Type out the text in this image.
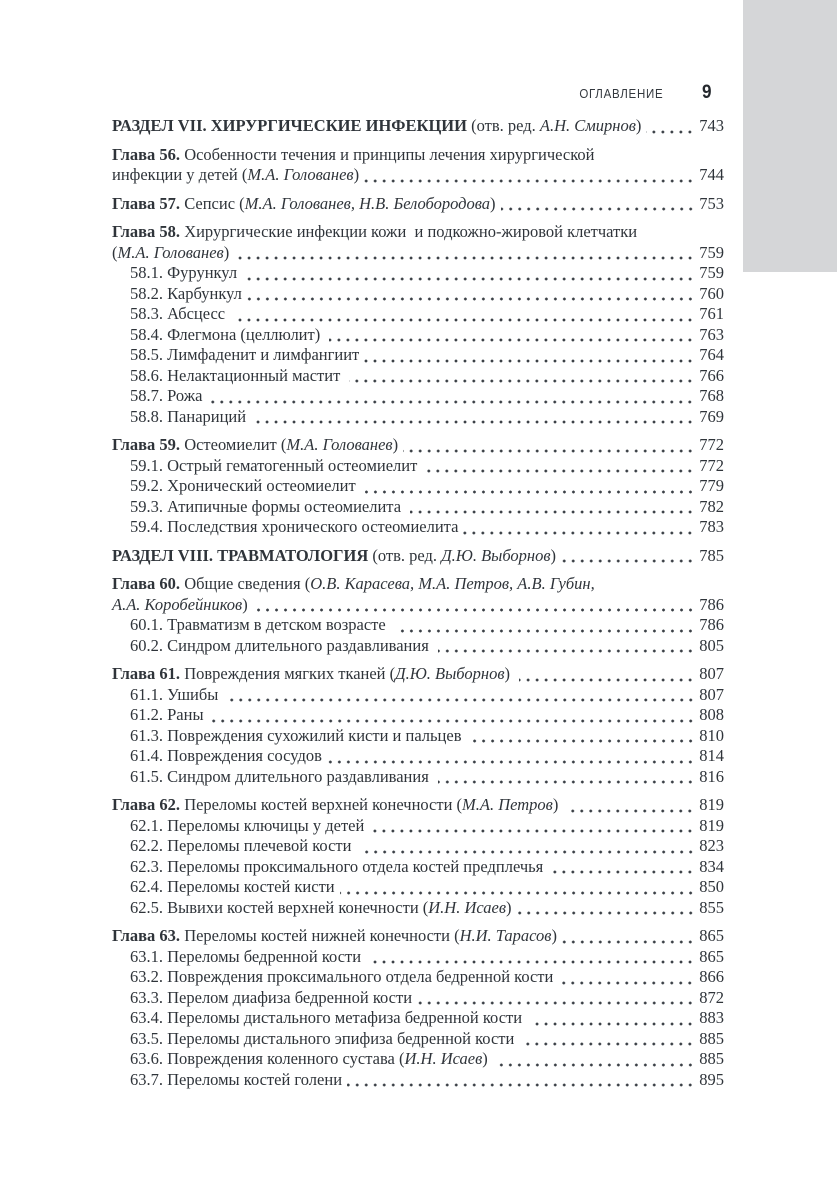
ОГЛАВЛЕНИЕ 9
РАЗДЕЛ VII. ХИРУРГИЧЕСКИЕ ИНФЕКЦИИ (отв. ред. А.Н. Смирнов)	743
Глава 56. Особенности течения и принципы лечения хирургической
инфекции у детей (М.А. Голованев)	744
Глава 57. Сепсис (М.А. Голованев, Н.В. Белобородова)	753
Глава 58. Хирургические инфекции кожи  и подкожно-жировой клетчатки
(М.А. Голованев)	759
58.1. Фурункул	759
58.2. Карбункул	760
58.3. Абсцесс	761
58.4. Флегмона (целлюлит)	763
58.5. Лимфаденит и лимфангиит	764
58.6. Нелактационный мастит	766
58.7. Рожа	768
58.8. Панариций	769
Глава 59. Остеомиелит (М.А. Голованев)	772
59.1. Острый гематогенный остеомиелит	772
59.2. Хронический остеомиелит	779
59.3. Атипичные формы остеомиелита	782
59.4. Последствия хронического остеомиелита	783
РАЗДЕЛ VIII. ТРАВМАТОЛОГИЯ (отв. ред. Д.Ю. Выборнов)	785
Глава 60. Общие сведения (О.В. Карасева, М.А. Петров, А.В. Губин,
А.А. Коробейников)	786
60.1. Травматизм в детском возрасте	786
60.2. Синдром длительного раздавливания	805
Глава 61. Повреждения мягких тканей (Д.Ю. Выборнов)	807
61.1. Ушибы	807
61.2. Раны	808
61.3. Повреждения сухожилий кисти и пальцев	810
61.4. Повреждения сосудов	814
61.5. Синдром длительного раздавливания	816
Глава 62. Переломы костей верхней конечности (М.А. Петров)	819
62.1. Переломы ключицы у детей	819
62.2. Переломы плечевой кости	823
62.3. Переломы проксимального отдела костей предплечья	834
62.4. Переломы костей кисти	850
62.5. Вывихи костей верхней конечности (И.Н. Исаев)	855
Глава 63. Переломы костей нижней конечности (Н.И. Тарасов)	865
63.1. Переломы бедренной кости	865
63.2. Повреждения проксимального отдела бедренной кости	866
63.3. Перелом диафиза бедренной кости	872
63.4. Переломы дистального метафиза бедренной кости	883
63.5. Переломы дистального эпифиза бедренной кости	885
63.6. Повреждения коленного сустава (И.Н. Исаев)	885
63.7. Переломы костей голени	895
